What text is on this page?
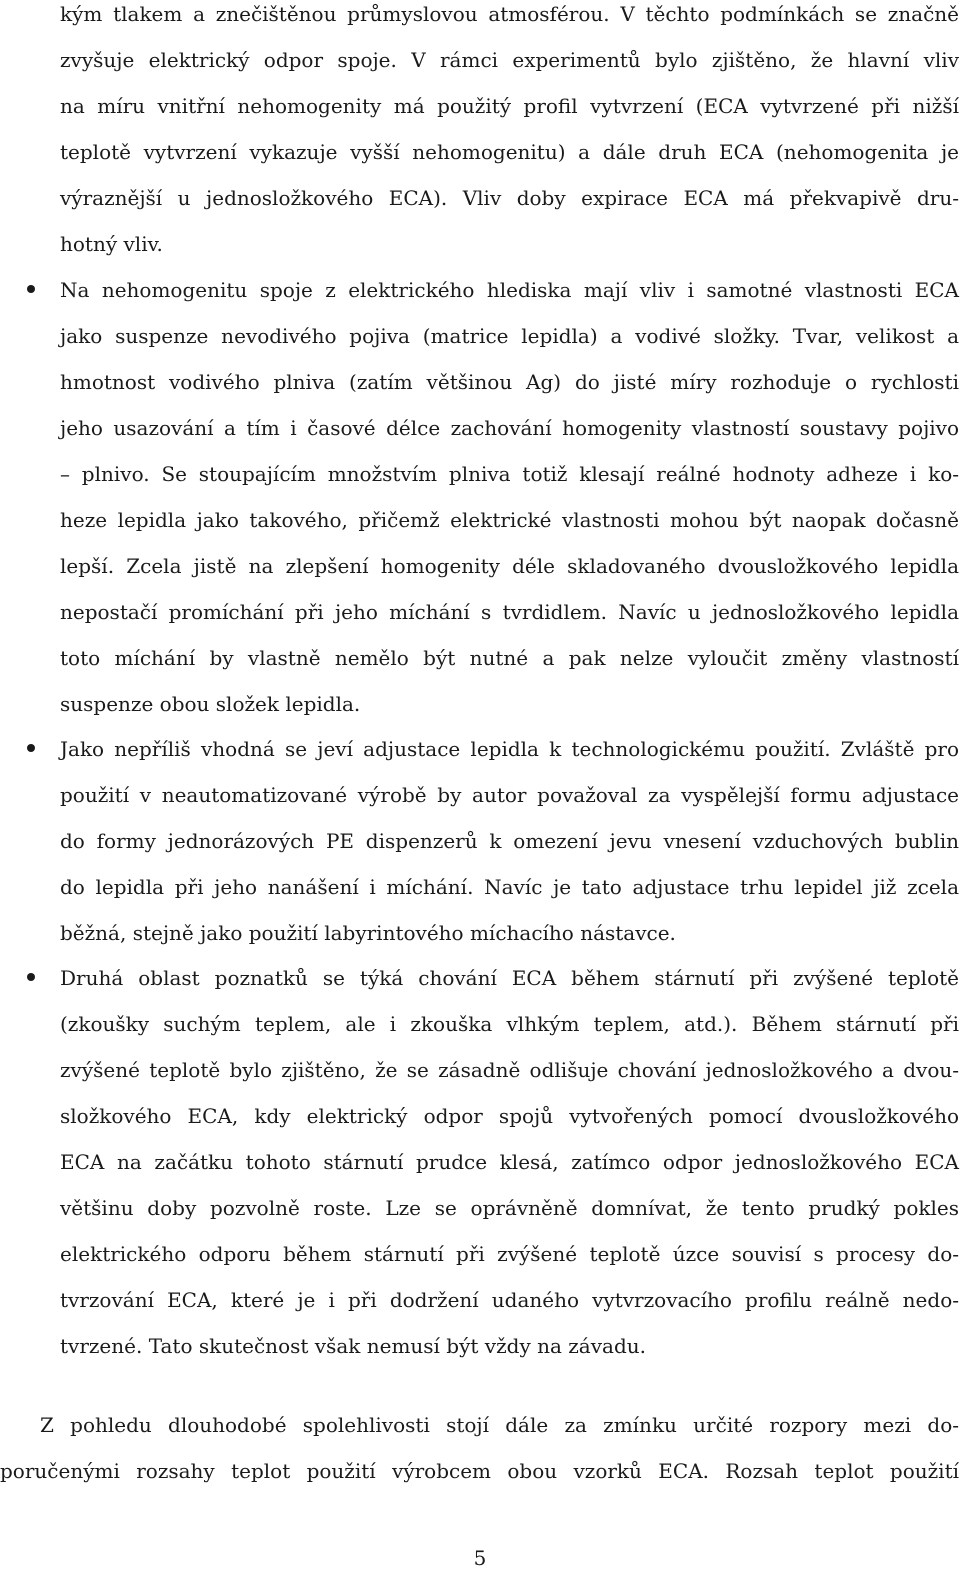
kým tlakem a znečištěnou průmyslovou atmosférou. V těchto podmínkách se značně
zvyšuje elektrický odpor spoje. V rámci experimentů bylo zjištěno, že hlavní vliv
na míru vnitřní nehomogenity má použitý profil vytvrzení (ECA vytvrzené při nižší
teplotě vytvrzení vykazuje vyšší nehomogenitu) a dále druh ECA (nehomogenita je
výraznější u jednosložkového ECA). Vliv doby expirace ECA má překvapivě dru-
hotný vliv.
Na nehomogenitu spoje z elektrického hlediska mají vliv i samotné vlastnosti ECA
jako suspenze nevodivého pojiva (matrice lepidla) a vodivé složky. Tvar, velikost a
hmotnost vodivého plniva (zatím většinou Ag) do jisté míry rozhoduje o rychlosti
jeho usazování a tím i časové délce zachování homogenity vlastností soustavy pojivo
– plnivo. Se stoupajícím množstvím plniva totiž klesají reálné hodnoty adheze i ko-
heze lepidla jako takového, přičemž elektrické vlastnosti mohou být naopak dočasně
lepší. Zcela jistě na zlepšení homogenity déle skladovaného dvousložkového lepidla
nepostačí promíchání při jeho míchání s tvrdidlem. Navíc u jednosložkového lepidla
toto míchání by vlastně nemělo být nutné a pak nelze vyloučit změny vlastností
suspenze obou složek lepidla.
Jako nepříliš vhodná se jeví adjustace lepidla k technologickému použití. Zvláště pro
použití v neautomatizované výrobě by autor považoval za vyspělejší formu adjustace
do formy jednorázových PE dispenzerů k omezení jevu vnesení vzduchových bublin
do lepidla při jeho nanášení i míchání. Navíc je tato adjustace trhu lepidel již zcela
běžná, stejně jako použití labyrintového míchacího nástavce.
Druhá oblast poznatků se týká chování ECA během stárnutí při zvýšené teplotě
(zkoušky suchým teplem, ale i zkouška vlhkým teplem, atd.). Během stárnutí při
zvýšené teplotě bylo zjištěno, že se zásadně odlišuje chování jednosložkového a dvou-
složkového ECA, kdy elektrický odpor spojů vytvořených pomocí dvousložkového
ECA na začátku tohoto stárnutí prudce klesá, zatímco odpor jednosložkového ECA
většinu doby pozvolně roste. Lze se oprávněně domnívat, že tento prudký pokles
elektrického odporu během stárnutí při zvýšené teplotě úzce souvisí s procesy do-
tvrzování ECA, které je i při dodržení udaného vytvrzovacího profilu reálně nedo-
tvrzené. Tato skutečnost však nemusí být vždy na závadu.
Z pohledu dlouhodobé spolehlivosti stojí dále za zmínku určité rozpory mezi do-
poručenými rozsahy teplot použití výrobcem obou vzorků ECA. Rozsah teplot použití
5
